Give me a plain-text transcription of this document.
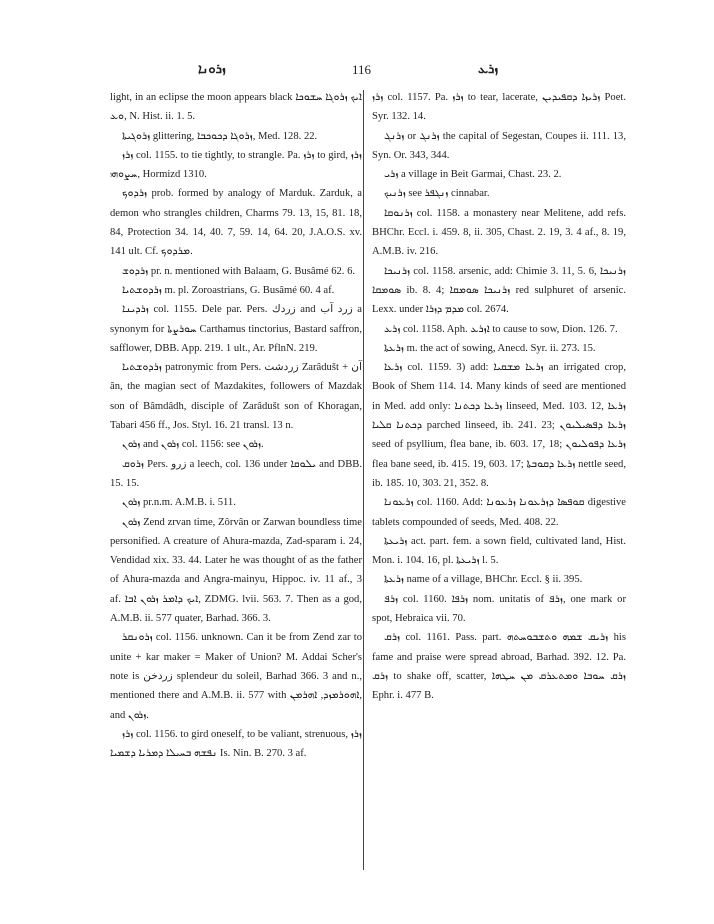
ܙܪܘܢܐ	116	ܙܪܥ

light, in an eclipse the moon appears black ܐܝܟ ܙܪܘܓܐ ܚܫܘܟܐ ܘܥ, N. Hist. ii. 1. 5.

ܙܪܘܓܝܬܐ glittering, ܙܪܘܓܐ ܕܟܘܟܒܐ, Med. 128. 22.

ܙܪܙ col. 1155. to tie tightly, to strangle. Pa. ܙܪܙ to gird, ܙܪܙ ܚܨܘܗܝ, Hormizd 1310.

ܙܪܕܘܟ prob. formed by analogy of Marduk. Zarduk, a demon who strangles children, Charms 79. 13, 15, 81. 18, 84, Protection 34. 14, 40. 7, 59. 14, 64. 20, J.A.O.S. xv. 141 ult. Cf. ܡܪܕܘܟ.

ܙܪܕܘܫ pr. n. mentioned with Balaam, G. Busâmé 62. 6.

ܙܪܕܘܫܬܝܐ m. pl. Zoroastrians, G. Busâmé 60. 4 af.

ܙܪܕܝܢܐ col. 1155. Dele par. Pers. زردك and زرد آب a synonym for ܚܘܪܨܬܐ Carthamus tinctorius, Bastard saffron, safflower, DBB. App. 219. 1 ult., Ar. PflnN. 219.

ܙܪܕܘܫܬܝܐ patronymic from Pers. زردشت Zarâdušt + آن ân, the magian sect of Mazdakites, followers of Mazdak son of Bâmdâdh, disciple of Zarâdušt son of Khoragan, Tabari 456 ff., Jos. Styl. 16. 21 transl. 13 n.

ܙܪܘܢ and ܙܪܘܢ col. 1156: see ܙܪܘܢ.

ܙܪܘܩ Pers. زرو a leech, col. 136 under ܝܠܘܩܐ and DBB. 15. 15.

ܙܪܘܢ pr.n.m. A.M.B. i. 511.

ܙܪܘܢ Zend zrvan time, Zôrvân or Zarwan boundless time personified. A creature of Ahura-mazda, Zad-sparam i. 24, Vendidad xix. 33. 44. Later he was thought of as the father of Ahura-mazda and Angra-mainyu, Hippoc. iv. 11 af., 3 af. ܐܝܟ ܕܐܡܪ ܙܪܘܢ ܐܒܐ, ZDMG. lvii. 563. 7. Then as a god, A.M.B. ii. 577 quater, Barhad. 366. 3.

ܙܪܘܢܩܪ col. 1156. unknown. Can it be from Zend zar to unite + kar maker = Maker of Union? M. Addai Scher's note is زردخن splendeur du soleil, Barhad 366. 3 and n., mentioned there and A.M.B. ii. 577 with ܐܗܘܪܡܙܕ, ܐܗܪܡܢ, and ܙܪܘܢ.

ܙܪܙ col. 1156. to gird oneself, to be valiant, strenuous, ܙܪܙ ܢܦܫܗ ܒܚܝܠܐ ܕܡܪܝܐ ܕܫܡܝܐ Is. Nin. B. 270. 3 af.

ܙܪܙ col. 1157. Pa. ܙܪܙ to tear, lacerate, ܙܪܝܙܐ ܕܩܦܝܕܝܢ Poet. Syr. 132. 14.

ܙܪܢܓ or ܙܪܢܓ the capital of Segestan, Coupes ii. 111. 13, Syn. Or. 343, 344.

ܙܪܝ a village in Beit Garmai, Chast. 23. 2.

ܙܪܢܝܟ see ܙܢܓܦܪ cinnabar.

ܙܪܢܘܩܐ col. 1158. a monastery near Melitene, add refs. BHChr. Eccl. i. 459. 8, ii. 305, Chast. 2. 19, 3. 4 af., 8. 19, A.M.B. iv. 216.

ܙܪܢܝܟܐ col. 1158. arsenic, add: Chimie 3. 11, 5. 6, ܙܪܢܝܟܐ ܣܘܡܩܐ ib. 8. 4; ܙܪܢܝܟܐ ܣܘܡܩܐ red sulphuret of arsenic. Lexx. under ܡܕܡ ܕܙܪܐ col. 2674.

ܙܪܥ col. 1158. Aph. ܐܙܪܥ to cause to sow, Dion. 126. 7.

ܙܪܥܬܐ m. the act of sowing, Anecd. Syr. ii. 273. 15.

ܙܪܥܐ col. 1159. 3) add: ܙܪܥܐ ܡܫܩܝܐ an irrigated crop, Book of Shem 114. 14. Many kinds of seed are mentioned in Med. add only: ܙܪܥܐ ܕܟܬܢܐ linseed, Med. 103. 12, ܙܪܥܐ ܕܟܬܢܐ ܩܠܝܐ parched linseed, ib. 241. 23; ܙܪܥܐ ܕܦܣܝܠܝܘܢ seed of psyllium, flea bane, ib. 603. 17, 18; ܙܪܥܐ ܕܦܘܠܝܘܢ flea bane seed, ib. 415. 19, 603. 17; ܙܪܥܐ ܕܩܘܒܬܐ nettle seed, ib. 185. 10, 303. 21, 352. 8.

ܙܪܥܘܢܐ col. 1160. Add: ܩܘܦܣܐ ܕܙܪܥܘܢܐ ܙܪܥܘܢܐ digestive tablets compounded of seeds, Med. 408. 22.

ܙܪܝܥܬܐ act. part. fem. a sown field, cultivated land, Hist. Mon. i. 104. 16, pl. ܙܪܝܥܬܐ l. 5.

ܙܪܥܬܐ name of a village, BHChr. Eccl. § ii. 395.

ܙܪܦ col. 1160. ܙܪܦܐ nom. unitatis of ܙܪܦ, one mark or spot, Hebraica vii. 70.

ܙܪܩ col. 1161. Pass. part. ܙܪܝܩ ܫܡܗ ܘܬܫܒܘܚܬܗ his fame and praise were spread abroad, Barhad. 392. 12. Pa. ܙܪܩ to shake off, scatter, ܙܪܩ ܚܘܒܐ ܘܡܬܥܪܩ ܡܢ ܚܛܗܐ Ephr. i. 477 B.
